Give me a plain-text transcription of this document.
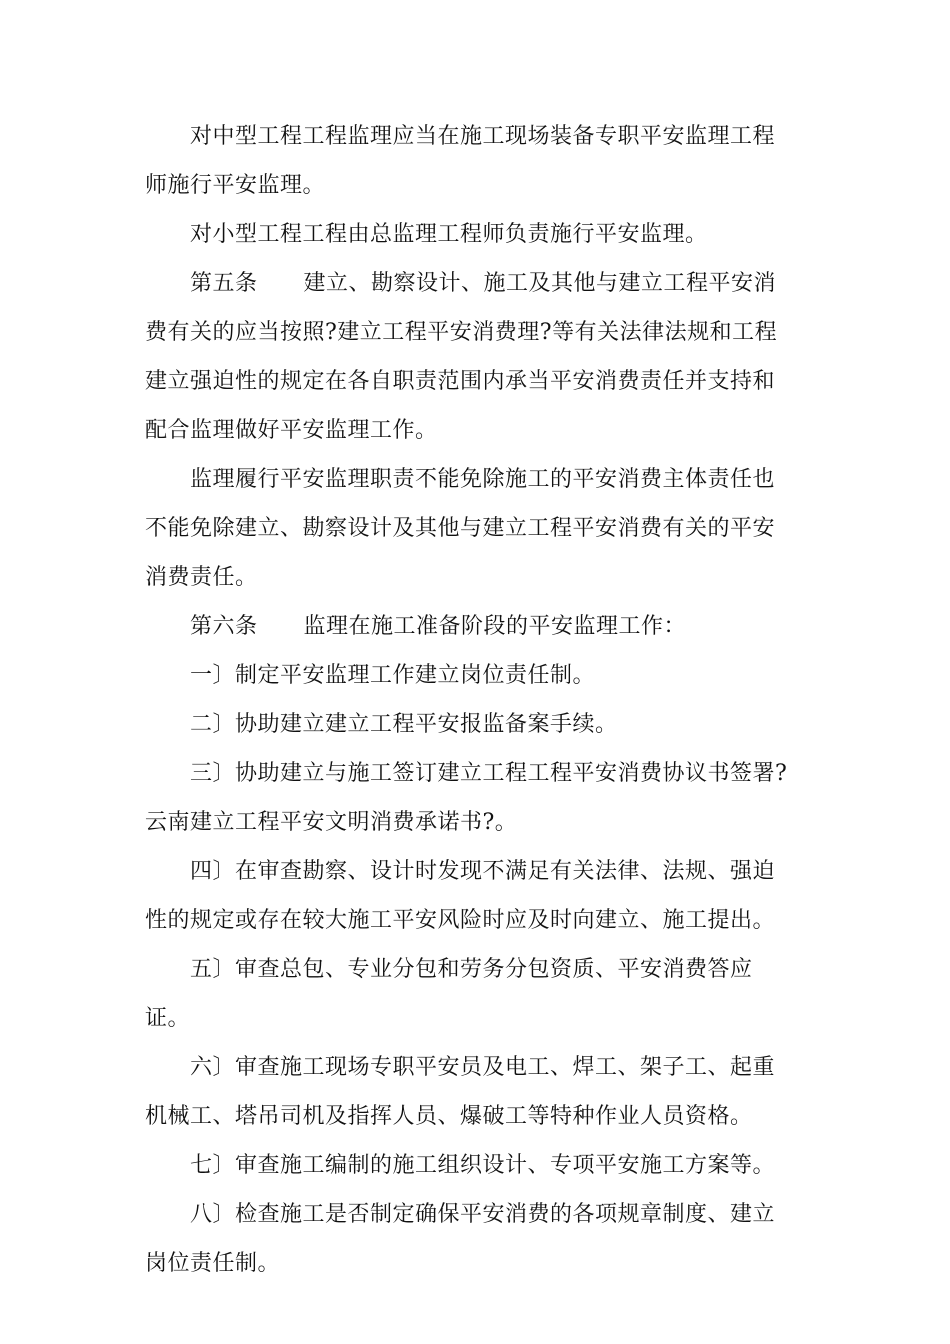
对中型工程工程监理应当在施工现场装备专职平安监理工程师施行平安监理。

对小型工程工程由总监理工程师负责施行平安监理。

第五条 建立、勘察设计、施工及其他与建立工程平安消费有关的应当按照?建立工程平安消费理?等有关法律法规和工程建立强迫性的规定在各自职责范围内承当平安消费责任并支持和配合监理做好平安监理工作。

监理履行平安监理职责不能免除施工的平安消费主体责任也不能免除建立、勘察设计及其他与建立工程平安消费有关的平安消费责任。

第六条 监理在施工准备阶段的平安监理工作：

一〕制定平安监理工作建立岗位责任制。

二〕协助建立建立工程平安报监备案手续。

三〕协助建立与施工签订建立工程工程平安消费协议书签署?云南建立工程平安文明消费承诺书?。

四〕在审查勘察、设计时发现不满足有关法律、法规、强迫性的规定或存在较大施工平安风险时应及时向建立、施工提出。

五〕审查总包、专业分包和劳务分包资质、平安消费答应证。

六〕审查施工现场专职平安员及电工、焊工、架子工、起重机械工、塔吊司机及指挥人员、爆破工等特种作业人员资格。

七〕审查施工编制的施工组织设计、专项平安施工方案等。

八〕检查施工是否制定确保平安消费的各项规章制度、建立岗位责任制。
